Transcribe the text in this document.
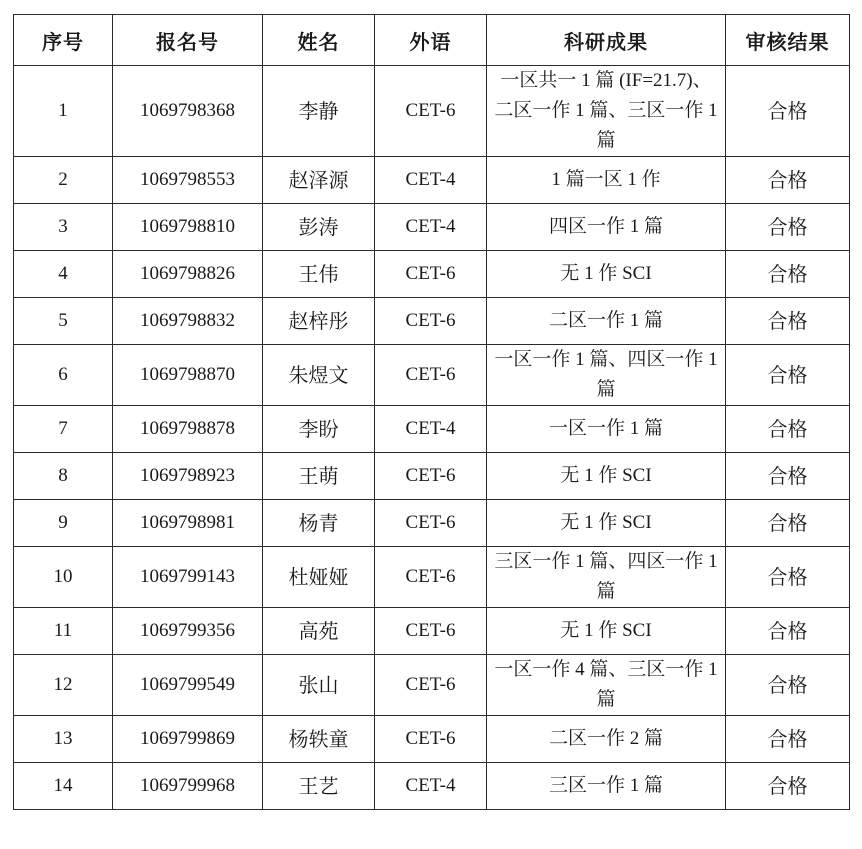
序号	报名号	姓名	外语	科研成果	审核结果
1	1069798368	李静	CET-6	一区共一 1 篇 (IF=21.7)、二区一作 1 篇、三区一作 1 篇	合格
2	1069798553	赵泽源	CET-4	1 篇一区 1 作	合格
3	1069798810	彭涛	CET-4	四区一作 1 篇	合格
4	1069798826	王伟	CET-6	无 1 作 SCI	合格
5	1069798832	赵梓彤	CET-6	二区一作 1 篇	合格
6	1069798870	朱煜文	CET-6	一区一作 1 篇、四区一作 1 篇	合格
7	1069798878	李盼	CET-4	一区一作 1 篇	合格
8	1069798923	王萌	CET-6	无 1 作 SCI	合格
9	1069798981	杨青	CET-6	无 1 作 SCI	合格
10	1069799143	杜娅娅	CET-6	三区一作 1 篇、四区一作 1 篇	合格
11	1069799356	高苑	CET-6	无 1 作 SCI	合格
12	1069799549	张山	CET-6	一区一作 4 篇、三区一作 1 篇	合格
13	1069799869	杨轶童	CET-6	二区一作 2 篇	合格
14	1069799968	王艺	CET-4	三区一作 1 篇	合格
